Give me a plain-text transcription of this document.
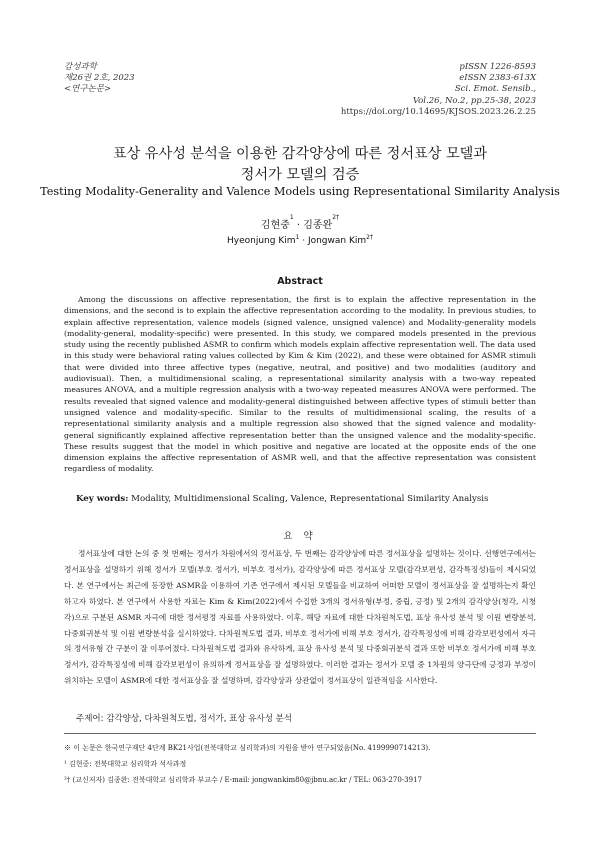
감성과학
제26권 2호, 2023
<연구논문>
pISSN 1226-8593
eISSN 2383-613X
Sci. Emot. Sensib.,
Vol.26, No.2, pp.25-38, 2023
https://doi.org/10.14695/KJSOS.2023.26.2.25
표상 유사성 분석을 이용한 감각양상에 따른 정서표상 모델과
정서가 모델의 검증
Testing Modality-Generality and Valence Models using Representational Similarity Analysis
김현중$^1$ · 김종완$^{2\dagger}$
Hyeonjung Kim$^1$ · Jongwan Kim$^{2\dagger}$
Abstract
Among the discussions on affective representation, the first is to explain the affective representation in the dimensions, and the second is to explain the affective representation according to the modality. In previous studies, to explain affective representation, valence models (signed valence, unsigned valence) and Modality-generality models (modality-general, modality-specific) were presented. In this study, we compared models presented in the previous study using the recently published ASMR to confirm which models explain affective representation well. The data used in this study were behavioral rating values collected by Kim & Kim (2022), and these were obtained for ASMR stimuli that were divided into three affective types (negative, neutral, and positive) and two modalities (auditory and audiovisual). Then, a multidimensional scaling, a representational similarity analysis with a two-way repeated measures ANOVA, and a multiple regression analysis with a two-way repeated measures ANOVA were performed. The results revealed that signed valence and modality-general distinguished between affective types of stimuli better than unsigned valence and modality-specific. Similar to the results of multidimensional scaling, the results of a representational similarity analysis and a multiple regression also showed that the signed valence and modality-general significantly explained affective representation better than the unsigned valence and the modality-specific. These results suggest that the model in which positive and negative are located at the opposite ends of the one dimension explains the affective representation of ASMR well, and that the affective representation was consistent regardless of modality.
Key words: Modality, Multidimensional Scaling, Valence, Representational Similarity Analysis
요 약
정서표상에 대한 논의 중 첫 번째는 정서가 차원에서의 정서표상, 두 번째는 감각양상에 따른 정서표상을 설명하는 것이다. 선행연구에서는 정서표상을 설명하기 위해 정서가 모델(부호 정서가, 비부호 정서가), 감각양상에 따른 정서표상 모델(감각보편성, 감각특징성)들이 제시되었다. 본 연구에서는 최근에 등장한 ASMR을 이용하여 기존 연구에서 제시된 모델들을 비교하여 어떠한 모델이 정서표상을 잘 설명하는지 확인하고자 하였다. 본 연구에서 사용한 자료는 Kim & Kim(2022)에서 수집한 3개의 정서유형(부정, 중립, 긍정) 및 2개의 감각양상(청각, 시청각)으로 구분된 ASMR 자극에 대한 정서평정 자료를 사용하였다. 이후, 해당 자료에 대한 다차원척도법, 표상 유사성 분석 및 이원 변량분석, 다중회귀분석 및 이원 변량분석을 실시하였다. 다차원척도법 결과, 비부호 정서가에 비해 부호 정서가, 감각특징성에 비해 감각보편성에서 자극의 정서유형 간 구분이 잘 이루어졌다. 다차원척도법 결과와 유사하게, 표상 유사성 분석 및 다중회귀분석 결과 또한 비부호 정서가에 비해 부호 정서가, 감각특징성에 비해 감각보편성이 유의하게 정서표상을 잘 설명하였다. 이러한 결과는 정서가 모델 중 1차원의 양극단에 긍정과 부정이 위치하는 모델이 ASMR에 대한 정서표상을 잘 설명하며, 감각양상과 상관없이 정서표상이 일관적임을 시사한다.
주제어: 감각양상, 다차원척도법, 정서가, 표상 유사성 분석
※ 이 논문은 한국연구재단 4단계 BK21사업(전북대학교 심리학과)의 지원을 받아 연구되었음(No. 4199990714213).
¹ 김현중: 전북대학교 심리학과 석사과정
²† (교신저자) 김종완: 전북대학교 심리학과 부교수 / E-mail: jongwankim80@jbnu.ac.kr / TEL: 063-270-3917
